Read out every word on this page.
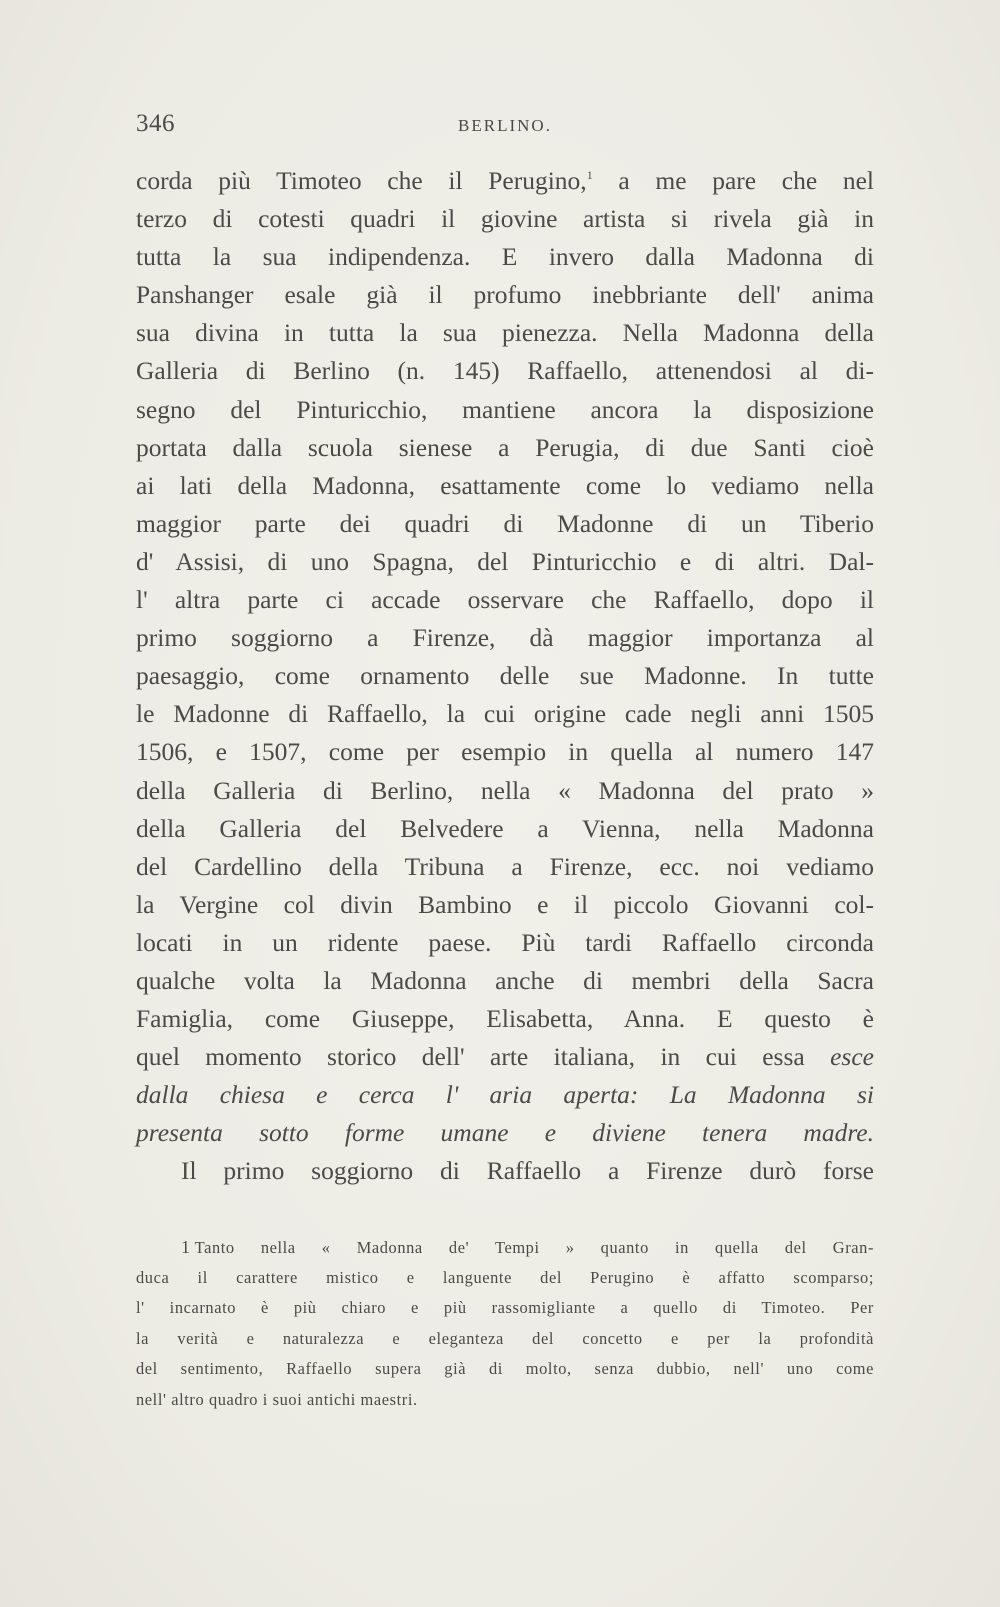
346	BERLINO.
corda più Timoteo che il Perugino,$^1$ a me pare che nel
terzo di cotesti quadri il giovine artista si rivela già in
tutta la sua indipendenza. E invero dalla Madonna di
Panshanger esale già il profumo inebbriante dell' anima
sua divina in tutta la sua pienezza. Nella Madonna della
Galleria di Berlino (n. 145) Raffaello, attenendosi al di-
segno del Pinturicchio, mantiene ancora la disposizione
portata dalla scuola sienese a Perugia, di due Santi cioè
ai lati della Madonna, esattamente come lo vediamo nella
maggior parte dei quadri di Madonne di un Tiberio
d' Assisi, di uno Spagna, del Pinturicchio e di altri. Dal-
l' altra parte ci accade osservare che Raffaello, dopo il
primo soggiorno a Firenze, dà maggior importanza al
paesaggio, come ornamento delle sue Madonne. In tutte
le Madonne di Raffaello, la cui origine cade negli anni 1505
1506, e 1507, come per esempio in quella al numero 147
della Galleria di Berlino, nella « Madonna del prato »
della Galleria del Belvedere a Vienna, nella Madonna
del Cardellino della Tribuna a Firenze, ecc. noi vediamo
la Vergine col divin Bambino e il piccolo Giovanni col-
locati in un ridente paese. Più tardi Raffaello circonda
qualche volta la Madonna anche di membri della Sacra
Famiglia, come Giuseppe, Elisabetta, Anna. E questo è
quel momento storico dell' arte italiana, in cui essa esce
dalla chiesa e cerca l' aria aperta: La Madonna si
presenta sotto forme umane e diviene tenera madre.
Il primo soggiorno di Raffaello a Firenze durò forse
1 Tanto nella « Madonna de' Tempi » quanto in quella del Gran-
duca il carattere mistico e languente del Perugino è affatto scomparso;
l' incarnato è più chiaro e più rassomigliante a quello di Timoteo. Per
la verità e naturalezza e eleganteza del concetto e per la profondità
del sentimento, Raffaello supera già di molto, senza dubbio, nell' uno come
nell' altro quadro i suoi antichi maestri.
